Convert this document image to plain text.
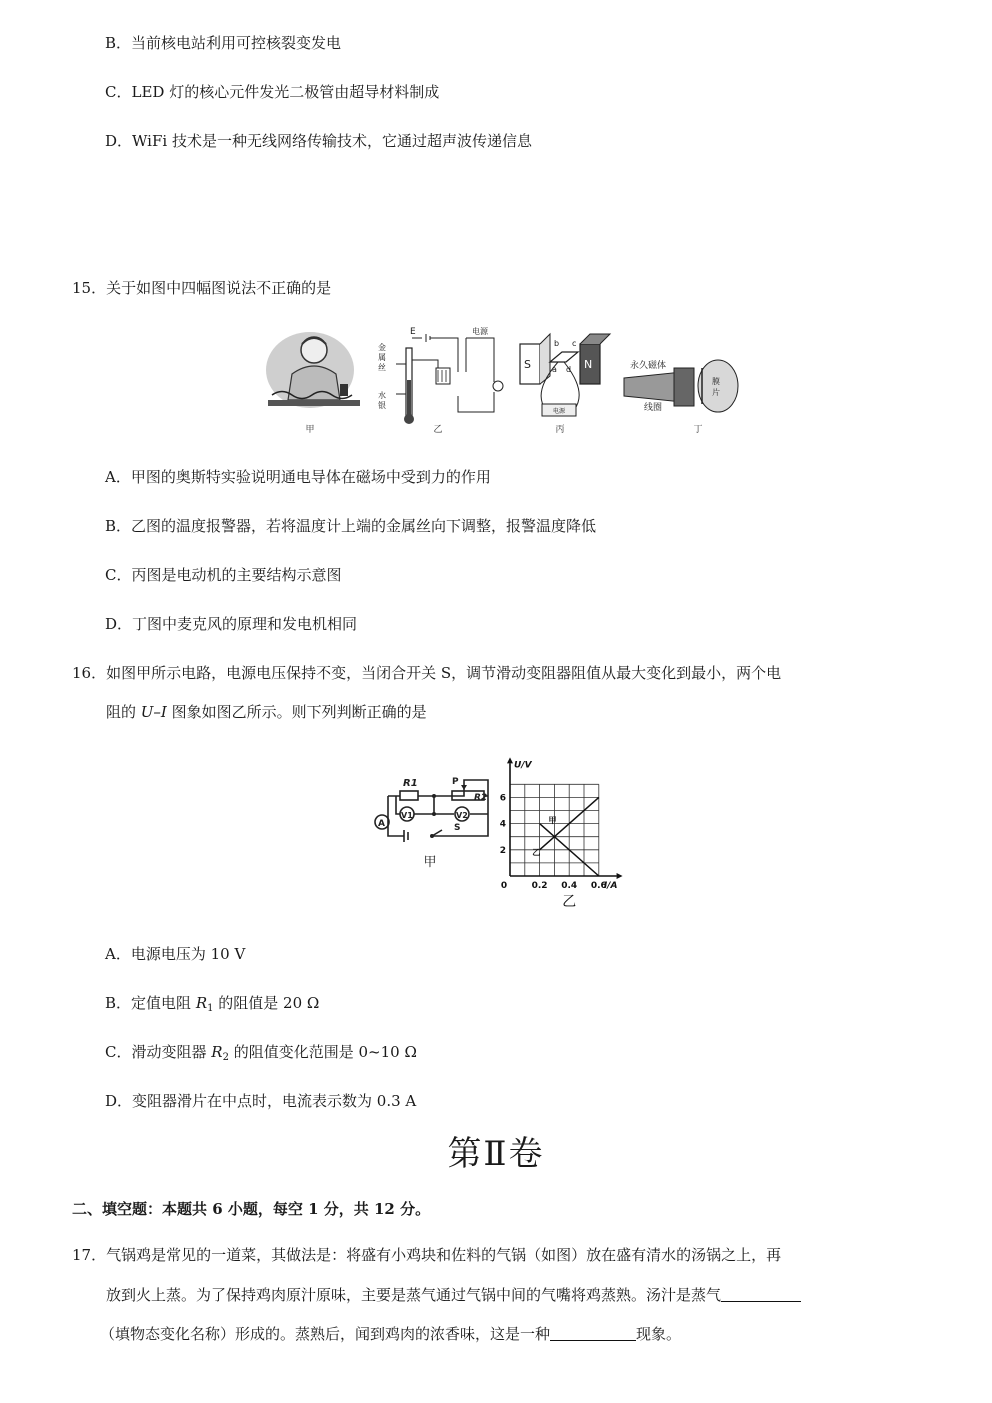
B．当前核电站利用可控核裂变发电
C．LED 灯的核心元件发光二极管由超导材料制成
D．WiFi 技术是一种无线网络传输技术，它通过超声波传递信息
15．关于如图中四幅图说法不正确的是
甲
E
金
属
丝
水
银
电源
乙
S	N
b c
a d
电源
丙
永久磁体
线圈
膜
片
丁
A．甲图的奥斯特实验说明通电导体在磁场中受到力的作用
B．乙图的温度报警器，若将温度计上端的金属丝向下调整，报警温度降低
C．丙图是电动机的主要结构示意图
D．丁图中麦克风的原理和发电机相同
16．如图甲所示电路，电源电压保持不变，当闭合开关 S，调节滑动变阻器阻值从最大变化到最小，两个电
阻的 U–I 图象如图乙所示。则下列判断正确的是
R1	P
R2
V1	V2
A	S
甲
甲
乙
0.2 0.4 0.6
2
4
6
0	I/A
U/V
乙
A．电源电压为 10 V
B．定值电阻 $R_1$ 的阻值是 20 Ω
C．滑动变阻器 $R_2$ 的阻值变化范围是 0~10 Ω
D．变阻器滑片在中点时，电流表示数为 0.3 A
第Ⅱ卷
二、填空题：本题共 6 小题，每空 1 分，共 12 分。
17．气锅鸡是常见的一道菜，其做法是：将盛有小鸡块和佐料的气锅（如图）放在盛有清水的汤锅之上，再
放到火上蒸。为了保持鸡肉原汁原味，主要是蒸气通过气锅中间的气嘴将鸡蒸熟。汤汁是蒸气
（填物态变化名称）形成的。蒸熟后，闻到鸡肉的浓香味，这是一种	现象。
